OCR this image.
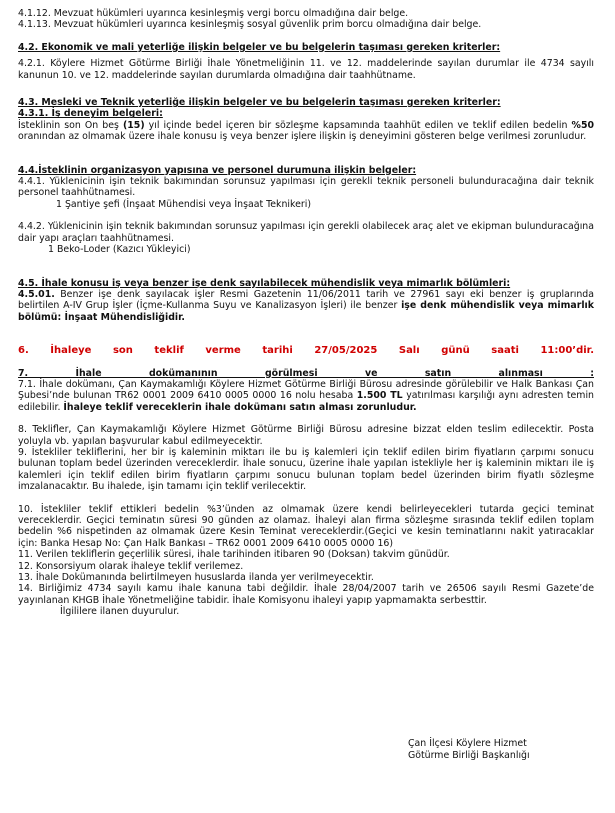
4.1.12. Mevzuat hükümleri uyarınca kesinleşmiş vergi borcu olmadığına dair belge.

4.1.13. Mevzuat hükümleri uyarınca kesinleşmiş sosyal güvenlik prim borcu olmadığına dair belge.

4.2. Ekonomik ve mali yeterliğe ilişkin belgeler ve bu belgelerin taşıması gereken kriterler:

4.2.1. Köylere Hizmet Götürme Birliği İhale Yönetmeliğinin 11. ve 12. maddelerinde sayılan durumlar ile 4734 sayılı kanunun 10. ve 12. maddelerinde sayılan durumlarda olmadığına dair taahhütname.

4.3. Mesleki ve Teknik yeterliğe ilişkin belgeler ve bu belgelerin taşıması gereken kriterler:

4.3.1. İş deneyim belgeleri:

İsteklinin son On beş (15) yıl içinde bedel içeren bir sözleşme kapsamında taahhüt edilen ve teklif edilen bedelin %50 oranından az olmamak üzere ihale konusu iş veya benzer işlere ilişkin iş deneyimini gösteren belge verilmesi zorunludur.

4.4.İsteklinin organizasyon yapısına ve personel durumuna ilişkin belgeler:

4.4.1. Yüklenicinin işin teknik bakımından sorunsuz yapılması için gerekli teknik personeli bulunduracağına dair teknik personel taahhütnamesi.

1 Şantiye şefi (İnşaat Mühendisi veya İnşaat Teknikeri)

4.4.2. Yüklenicinin işin teknik bakımından sorunsuz yapılması için gerekli olabilecek araç alet ve ekipman bulunduracağına dair yapı araçları taahhütnamesi.

1 Beko-Loder (Kazıcı Yükleyici)

4.5. İhale konusu iş veya benzer işe denk sayılabilecek mühendislik veya mimarlık bölümleri:

4.5.01. Benzer işe denk sayılacak işler Resmi Gazetenin 11/06/2011 tarih ve 27961 sayı eki benzer iş gruplarında belirtilen A-IV Grup İşler (İçme-Kullanma Suyu ve Kanalizasyon İşleri) ile benzer işe denk mühendislik veya mimarlık bölümü: İnşaat Mühendisliğidir.

6. İhaleye son teklif verme tarihi 27/05/2025 Salı günü saati 11:00’dir.

7. İhale dokümanının görülmesi ve satın alınması :

7.1. İhale dokümanı, Çan Kaymakamlığı Köylere Hizmet Götürme Birliği Bürosu adresinde görülebilir ve Halk Bankası Çan Şubesi’nde bulunan TR62 0001 2009 6410 0005 0000 16 nolu hesaba 1.500 TL yatırılması karşılığı aynı adresten temin edilebilir. İhaleye teklif vereceklerin ihale dokümanı satın alması zorunludur.

8. Teklifler, Çan Kaymakamlığı Köylere Hizmet Götürme Birliği Bürosu adresine bizzat elden teslim edilecektir. Posta yoluyla vb. yapılan başvurular kabul edilmeyecektir.

9. İstekliler tekliflerini, her bir iş kaleminin miktarı ile bu iş kalemleri için teklif edilen birim fiyatların çarpımı sonucu bulunan toplam bedel üzerinden vereceklerdir. İhale sonucu, üzerine ihale yapılan istekliyle her iş kaleminin miktarı ile iş kalemleri için teklif edilen birim fiyatların çarpımı sonucu bulunan toplam bedel üzerinden birim fiyatlı sözleşme imzalanacaktır. Bu ihalede, işin tamamı için teklif verilecektir.

10. İstekliler teklif ettikleri bedelin %3’ünden az olmamak üzere kendi belirleyecekleri tutarda geçici teminat vereceklerdir. Geçici teminatın süresi 90 günden az olamaz. İhaleyi alan firma sözleşme sırasında teklif edilen toplam bedelin %6 nispetinden az olmamak üzere Kesin Teminat vereceklerdir.(Geçici ve kesin teminatlarını nakit yatıracaklar için: Banka Hesap No: Çan Halk Bankası – TR62 0001 2009 6410 0005 0000 16)

11. Verilen tekliflerin geçerlilik süresi, ihale tarihinden itibaren 90 (Doksan) takvim günüdür.

12. Konsorsiyum olarak ihaleye teklif verilemez.

13. İhale Dokümanında belirtilmeyen hususlarda ilanda yer verilmeyecektir.

14. Birliğimiz 4734 sayılı kamu ihale kanuna tabi değildir. İhale 28/04/2007 tarih ve 26506 sayılı Resmi Gazete’de yayınlanan KHGB İhale Yönetmeliğine tabidir. İhale Komisyonu ihaleyi yapıp yapmamakta serbesttir.

İlgililere ilanen duyurulur.

Çan İlçesi Köylere Hizmet
Götürme Birliği Başkanlığı
